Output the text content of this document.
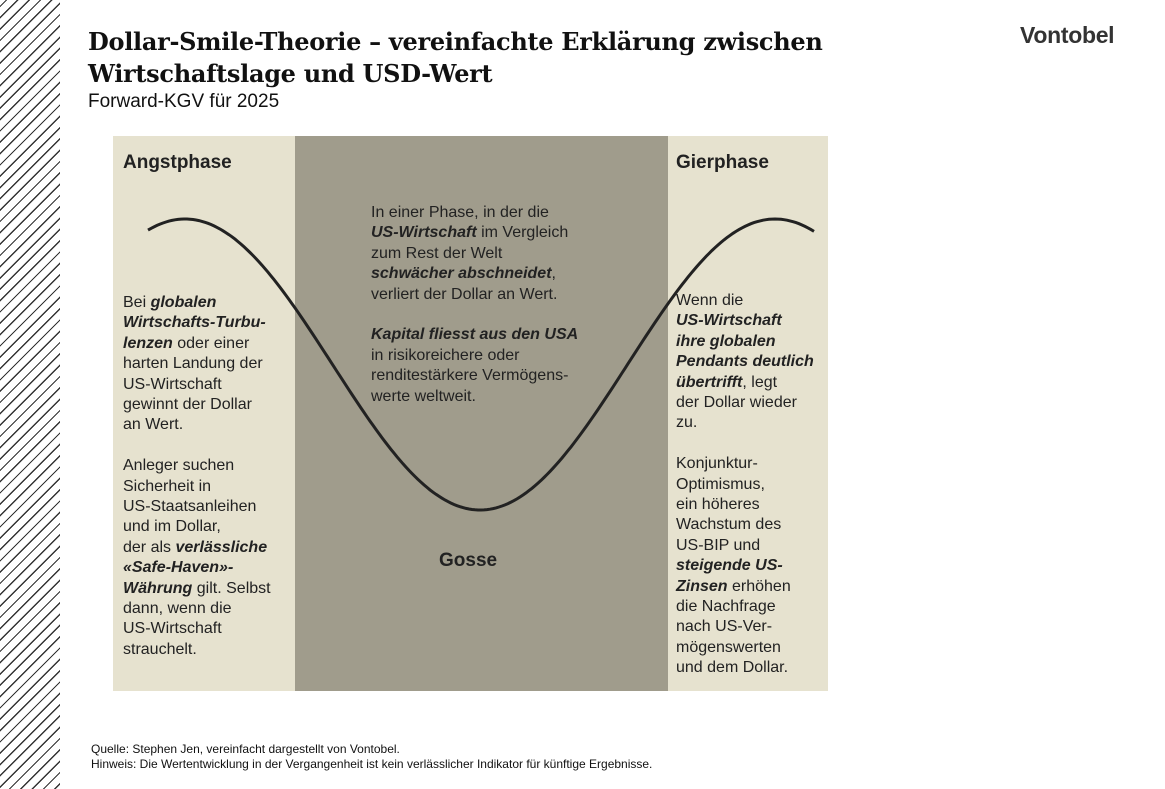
Dollar-Smile-Theorie – vereinfachte Erklärung zwischen
Wirtschaftslage und USD-Wert
Forward-KGV für 2025
Vontobel
Angstphase
Gosse
Gierphase
Bei globalen
Wirtschafts-Turbu-
lenzen oder einer
harten Landung der
US-Wirtschaft
gewinnt der Dollar
an Wert.
Anleger suchen
Sicherheit in
US-Staatsanleihen
und im Dollar,
der als verlässliche
«Safe-Haven»-
Währung gilt. Selbst
dann, wenn die
US-Wirtschaft
strauchelt.
In einer Phase, in der die
US-Wirtschaft im Vergleich
zum Rest der Welt
schwächer abschneidet,
verliert der Dollar an Wert.
Kapital fliesst aus den USA
in risikoreichere oder
renditestärkere Vermögens-
werte weltweit.
Wenn die
US-Wirtschaft
ihre globalen
Pendants deutlich
übertrifft, legt
der Dollar wieder
zu.
Konjunktur-
Optimismus,
ein höheres
Wachstum des
US-BIP und
steigende US-
Zinsen erhöhen
die Nachfrage
nach US-Ver-
mögenswerten
und dem Dollar.
Quelle: Stephen Jen, vereinfacht dargestellt von Vontobel.
Hinweis: Die Wertentwicklung in der Vergangenheit ist kein verlässlicher Indikator für künftige Ergebnisse.
